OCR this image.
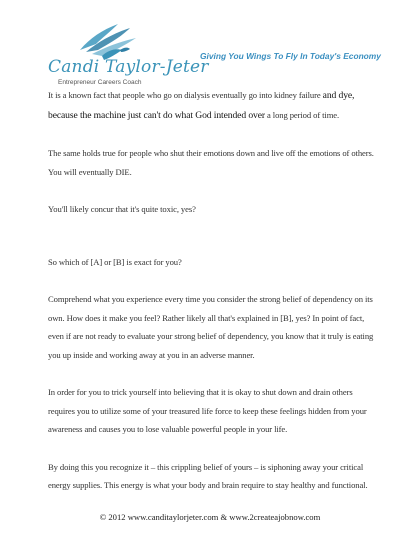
Candi Taylor-Jeter
Entrepreneur Careers Coach
Giving You Wings To Fly In Today's Economy

It is a known fact that people who go on dialysis eventually go into kidney failure and dye, because the machine just can't do what God intended over a long period of time.

The same holds true for people who shut their emotions down and live off the emotions of others. You will eventually DIE.

You'll likely concur that it's quite toxic, yes?

So which of [A] or [B] is exact for you?

Comprehend what you experience every time you consider the strong belief of dependency on its own. How does it make you feel? Rather likely all that's explained in [B], yes? In point of fact, even if are not ready to evaluate your strong belief of dependency, you know that it truly is eating you up inside and working away at you in an adverse manner.

In order for you to trick yourself into believing that it is okay to shut down and drain others requires you to utilize some of your treasured life force to keep these feelings hidden from your awareness and causes you to lose valuable powerful people in your life.

By doing this you recognize it – this crippling belief of yours – is siphoning away your critical energy supplies. This energy is what your body and brain require to stay healthy and functional.

© 2012 www.canditaylorjeter.com & www.2createajobnow.com
